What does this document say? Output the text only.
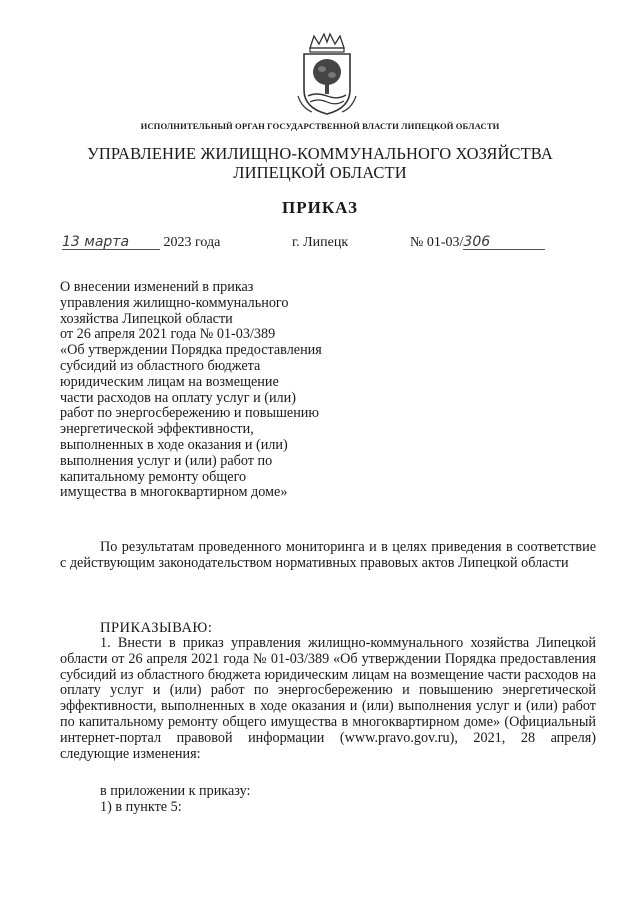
ИСПОЛНИТЕЛЬНЫЙ ОРГАН ГОСУДАРСТВЕННОЙ ВЛАСТИ ЛИПЕЦКОЙ ОБЛАСТИ
УПРАВЛЕНИЕ ЖИЛИЩНО-КОММУНАЛЬНОГО ХОЗЯЙСТВА
ЛИПЕЦКОЙ ОБЛАСТИ
ПРИКАЗ
13 марта 2023 года	г. Липецк	№ 01-03/306
О внесении изменений в приказ
управления жилищно-коммунального
хозяйства Липецкой области
от 26 апреля 2021 года № 01-03/389
«Об утверждении Порядка предоставления
субсидий из областного бюджета
юридическим лицам на возмещение
части расходов на оплату услуг и (или)
работ по энергосбережению и повышению
энергетической эффективности,
выполненных в ходе оказания и (или)
выполнения услуг и (или) работ по
капитальному ремонту общего
имущества в многоквартирном доме»
По результатам проведенного мониторинга и в целях приведения в соответствие с действующим законодательством нормативных правовых актов Липецкой области
ПРИКАЗЫВАЮ:
1. Внести в приказ управления жилищно-коммунального хозяйства Липецкой области от 26 апреля 2021 года № 01-03/389 «Об утверждении Порядка предоставления субсидий из областного бюджета юридическим лицам на возмещение части расходов на оплату услуг и (или) работ по энергосбережению и повышению энергетической эффективности, выполненных в ходе оказания и (или) выполнения услуг и (или) работ по капитальному ремонту общего имущества в многоквартирном доме» (Официальный интернет-портал правовой информации (www.pravo.gov.ru), 2021, 28 апреля) следующие изменения:
в приложении к приказу:
1) в пункте 5:
